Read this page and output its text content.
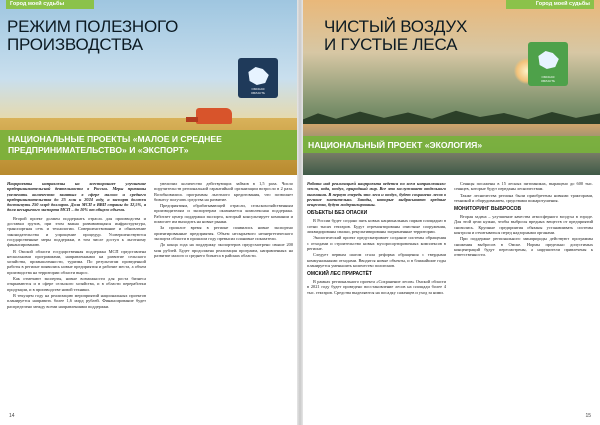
Город моей судьбы
РЕЖИМ ПОЛЕЗНОГО
ПРОИЗВОДСТВА
ОМСКАЯ
ОБЛАСТЬ
НАЦИОНАЛЬНЫЕ ПРОЕКТЫ «МАЛОЕ И СРЕДНЕЕ
ПРЕДПРИНИМАТЕЛЬСТВО» И «ЭКСПОРТ»

Нацпроекты направлены на всестороннее улучшение предпринимательской деятельности в России. Меры призваны увеличить количество занятых в сфере малого и среднего предпринимательства до 25 млн к 2024 году, а экспорт должен достигнуть 250 млрд долларов. Доля МСП в ВВП страны до 32,5%, а доля несырьевого экспорта МСП – до 10% от общего объема.

Второй проект должен поддержать отрасль для производства и доставки грузов, при этом важна развивающаяся инфраструктура, транспортная сеть и технологии. Совершенствование и обновление законодательства и упрощение процедур. Усовершенствуются государственные меры поддержки, в том числе доступ к льготному финансированию.

В Омской области государственная поддержка МСП представлена несколькими программами, направленными на развитие сельского хозяйства, промышленности, туризма. По результатам проведенной работы в регионе появились новые предприятия и рабочие места, а объем производства на территории области вырос.

Как отмечают эксперты, новые возможности для роста бизнеса открываются и в сфере сельского хозяйства, и в области переработки продукции, и в производстве новой техники.

В текущем году на реализацию мероприятий национальных проектов планируется направить более 1,6 млрд рублей. Финансирование будет распределено между всеми направлениями поддержки.

увеличил количество действующих займов в 1,5 раза. Число поручительств региональной гарантийной организации возросло в 2 раза. Возобновились программы льготного кредитования, что позволяет бизнесу получать средства на развитие.

Предприятиям, обрабатывающей отрасли, сельскохозяйственным производителям и экспортерам оказывается комплексная поддержка. Работает центр поддержки экспорта, который консультирует компании и помогает им выходить на новые рынки.

За прошлое время в регионе появились новые экспортно ориентированные предприятия. Объем несырьевого неэнергетического экспорта области в прошлом году превысил плановые показатели.

До конца года на поддержку экспортеров предусмотрено свыше 200 млн рублей. Будет продолжена реализация программ, направленных на развитие малого и среднего бизнеса в районах области.

14
Город моей судьбы
ЧИСТЫЙ ВОЗДУХ
И ГУСТЫЕ ЛЕСА
ОМСКАЯ
ОБЛАСТЬ
НАЦИОНАЛЬНЫЙ ПРОЕКТ «ЭКОЛОГИЯ»

Работа над реализацией нацпроекта ведется по всем направлениям: земли, вода, воздух, природный мир. Все это заслуживает отдельного внимания. В первую очередь это леса и воздух, будет сохранено лесов в регионе значительно. Заводы, которые выбрасывают вредные вещества, будут модернизированы.

ОБЪЕКТЫ БЕЗ ОПАСКИ

В России будет создано пять новых национальных парков площадью в сотни тысяч гектаров. Будут отремонтированы очистные сооружения, ликвидированы свалки, рекультивированы загрязненные территории.

Экологический проект предусматривает создание системы обращения с отходами и строительство новых мусоросортировочных комплексов в регионе.

Следует первым шагом стала реформа обращения с твердыми коммунальными отходами. Вводятся новые объекты, и в ближайшие годы планируется уменьшить количество полигонов.

ОМСКИЙ ЛЕС ПРИРАСТЁТ

В рамках регионального проекта «Сохранение лесов» Омской области в 2021 году будет проведено восстановление лесов на площади более 4 тыс. гектаров. Средства выделяются на посадку саженцев и уход за ними.

Сеянцы посажены в 15 лесных питомниках, выращено до 600 тыс. сеянцев, которые будут переданы лесничествам.

Также лесничества региона были приобретены новыми тракторами, техникой и оборудованием, средствами пожаротушения.

МОНИТОРИНГ ВЫБРОСОВ

Вторая задача – улучшение качества атмосферного воздуха в городе. Для этой цели нужно, чтобы выбросы вредных веществ от предприятий снизились. Крупные предприятия обязаны устанавливать системы контроля и отчитываться перед надзорными органами.

При поддержке регионального минприроды действуют программы снижения выбросов в Омске. Нормы предельно допустимых концентраций будут пересмотрены, а нарушители привлечены к ответственности.

15
